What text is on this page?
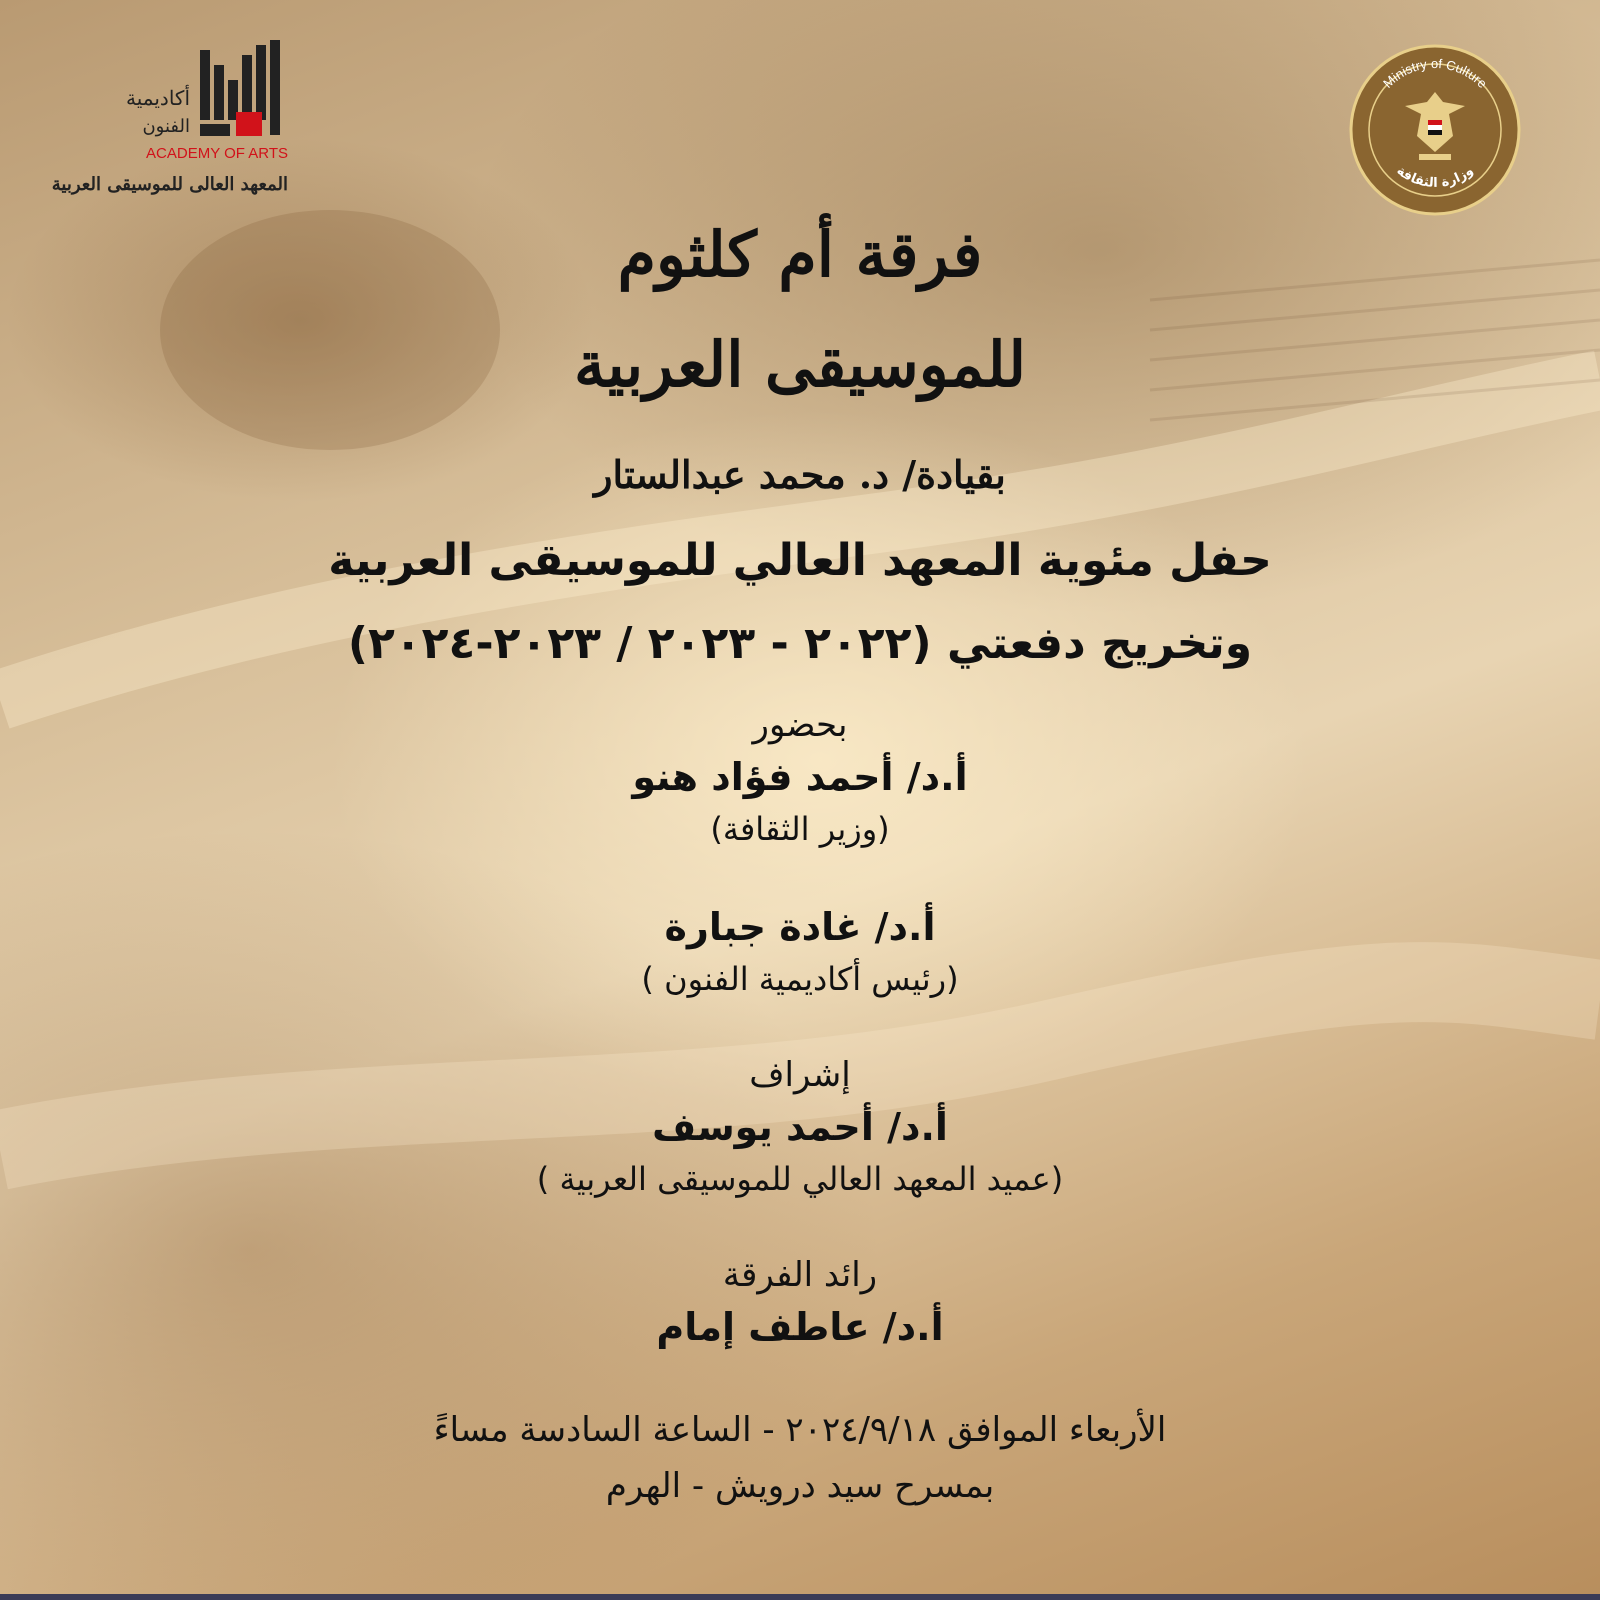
أكاديمية
الفنون
ACADEMY OF ARTS
المعهد العالى للموسيقى العربية
Ministry of Culture
وزارة الثقافة
فرقة أم كلثوم
للموسيقى العربية
بقيادة/ د. محمد عبدالستار
حفل مئوية المعهد العالي للموسيقى العربية
وتخريج دفعتي (٢٠٢٢ - ٢٠٢٣ / ٢٠٢٣-٢٠٢٤)
بحضور
أ.د/ أحمد فؤاد هنو
(وزير الثقافة)
أ.د/ غادة جبارة
(رئيس أكاديمية الفنون )
إشراف
أ.د/ أحمد يوسف
(عميد المعهد العالي للموسيقى العربية )
رائد الفرقة
أ.د/ عاطف إمام
الأربعاء الموافق ٢٠٢٤/٩/١٨ - الساعة السادسة مساءً
بمسرح سيد درويش - الهرم
